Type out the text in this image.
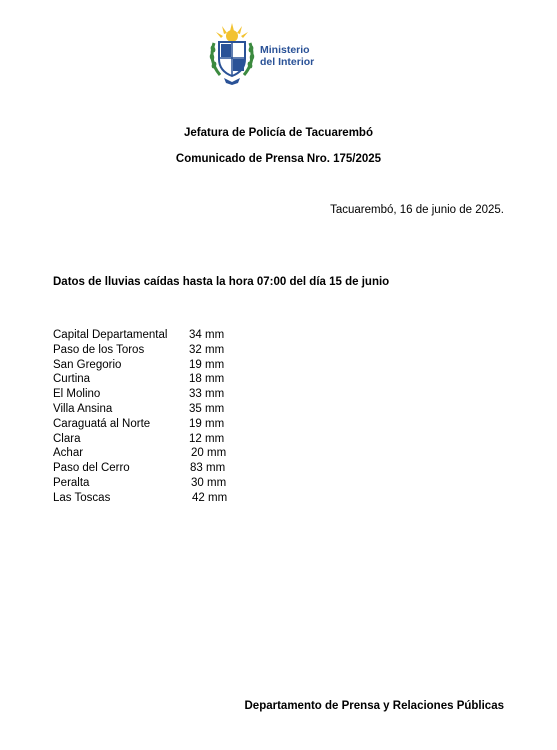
Ministerio
del Interior
Jefatura de Policía de Tacuarembó
Comunicado de Prensa Nro. 175/2025
Tacuarembó, 16 de junio de 2025.
Datos de lluvias caídas hasta la hora 07:00 del día 15 de junio
Capital Departamental 34 mm
Paso de los Toros	32 mm
San Gregorio	19 mm
Curtina	18 mm
El Molino	33 mm
Villa Ansina	35 mm
Caraguatá al Norte	19 mm
Clara	12 mm
Achar	20 mm
Paso del Cerro	83 mm
Peralta	30 mm
Las Toscas	42 mm
Departamento de Prensa y Relaciones Públicas
